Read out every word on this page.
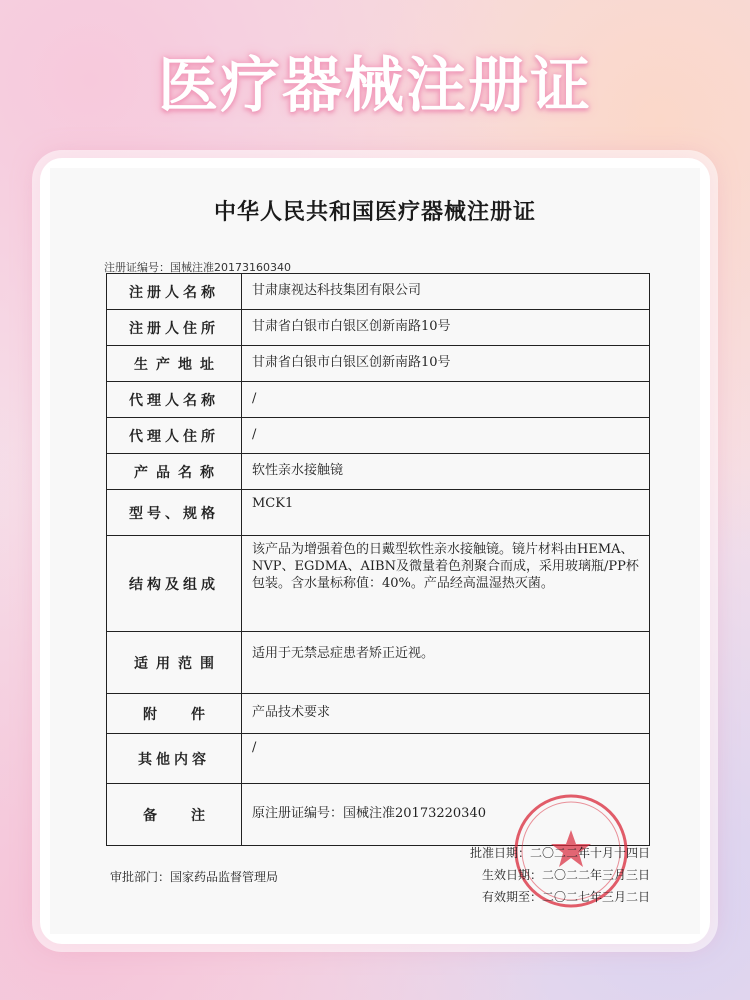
医疗器械注册证
中华人民共和国医疗器械注册证
注册证编号：国械注准20173160340
注册人名称	甘肃康视达科技集团有限公司
注册人住所	甘肃省白银市白银区创新南路10号
生产地址	甘肃省白银市白银区创新南路10号
代理人名称	/
代理人住所	/
产品名称	软性亲水接触镜
型号、规格	MCK1
结构及组成	该产品为增强着色的日戴型软性亲水接触镜。镜片材料由HEMA、NVP、EGDMA、AIBN及微量着色剂聚合而成，采用玻璃瓶/PP杯包装。含水量标称值：40%。产品经高温湿热灭菌。
适用范围	适用于无禁忌症患者矫正近视。
附件	产品技术要求
其他内容	/
备注	原注册证编号：国械注准20173220340
审批部门：国家药品监督管理局
批准日期：二〇二二年十月十四日
生效日期：二〇二二年三月三日
有效期至：二〇二七年三月二日
